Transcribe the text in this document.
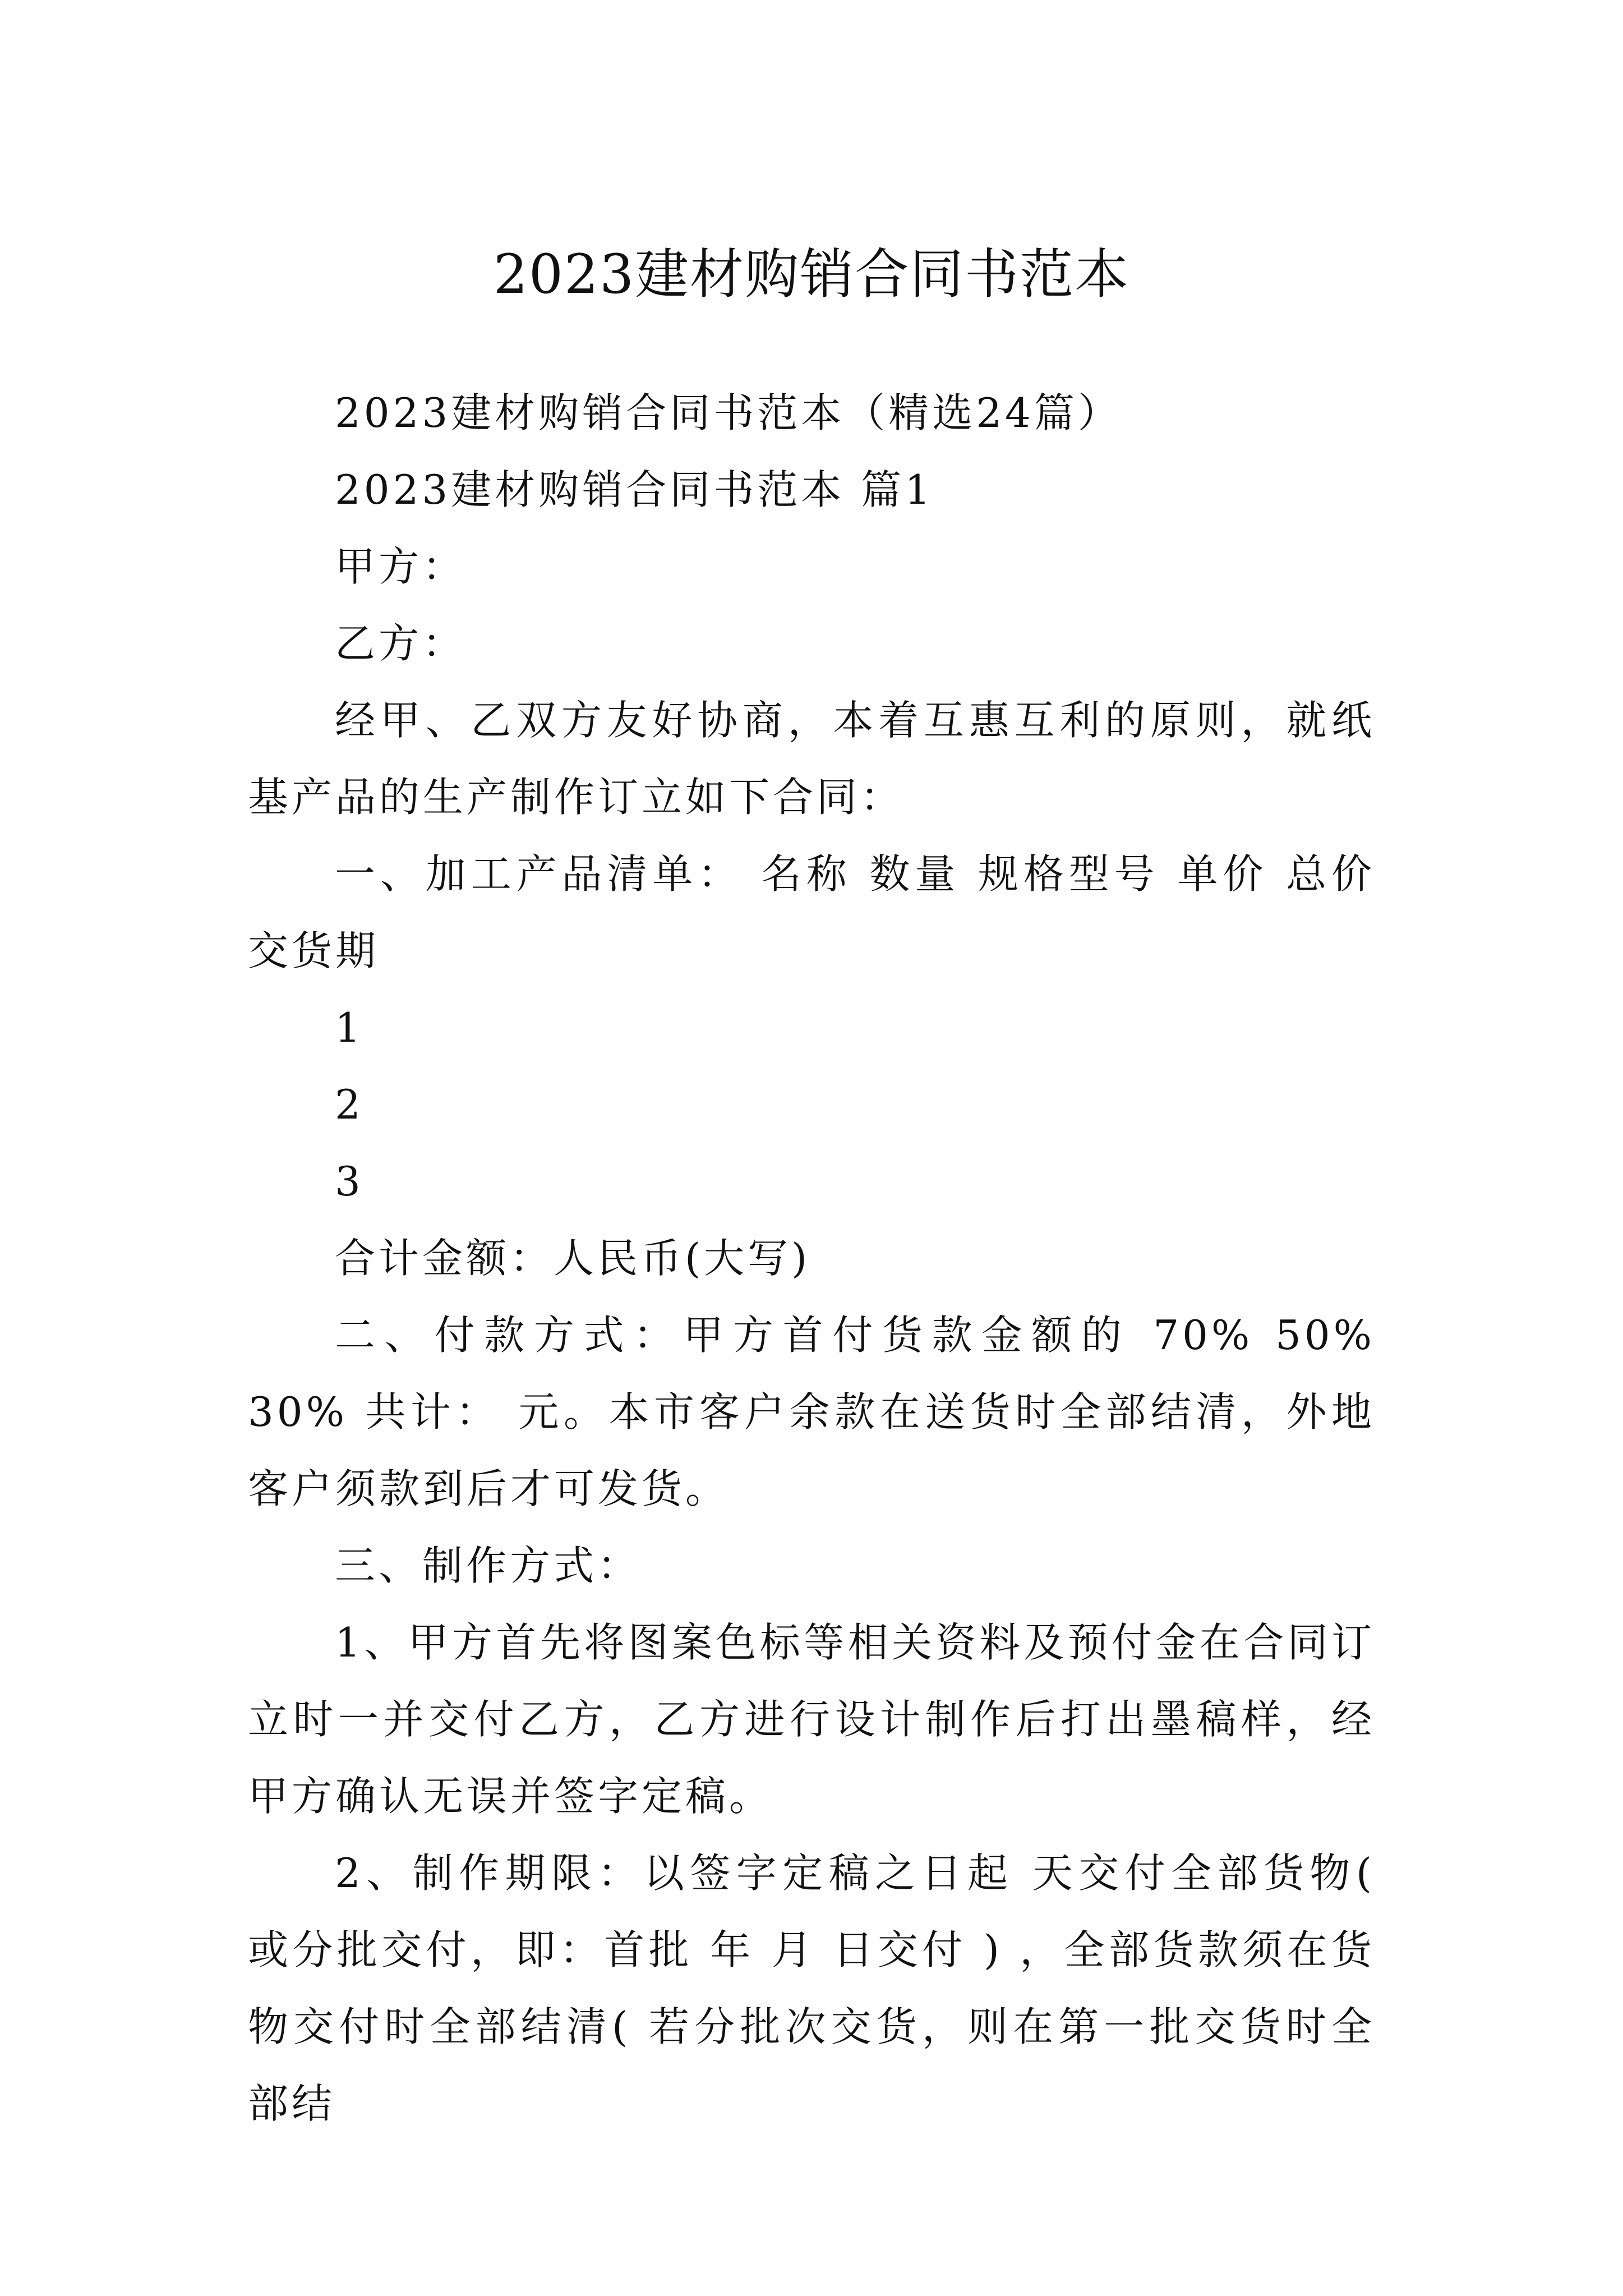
2023建材购销合同书范本

2023建材购销合同书范本（精选24篇）

2023建材购销合同书范本 篇1

甲方：

乙方：

经甲、乙双方友好协商，本着互惠互利的原则，就纸基产品的生产制作订立如下合同：

一、加工产品清单： 名称 数量 规格型号 单价 总价 交货期

1

2

3

合计金额：人民币(大写)

二、付款方式：甲方首付货款金额的 70% 50% 30% 共计： 元。本市客户余款在送货时全部结清，外地客户须款到后才可发货。

三、制作方式：

1、甲方首先将图案色标等相关资料及预付金在合同订立时一并交付乙方，乙方进行设计制作后打出墨稿样，经甲方确认无误并签字定稿。

2、制作期限：以签字定稿之日起 天交付全部货物( 或分批交付，即：首批 年 月 日交付 ) ，全部货款须在货物交付时全部结清( 若分批次交货，则在第一批交货时全部结
